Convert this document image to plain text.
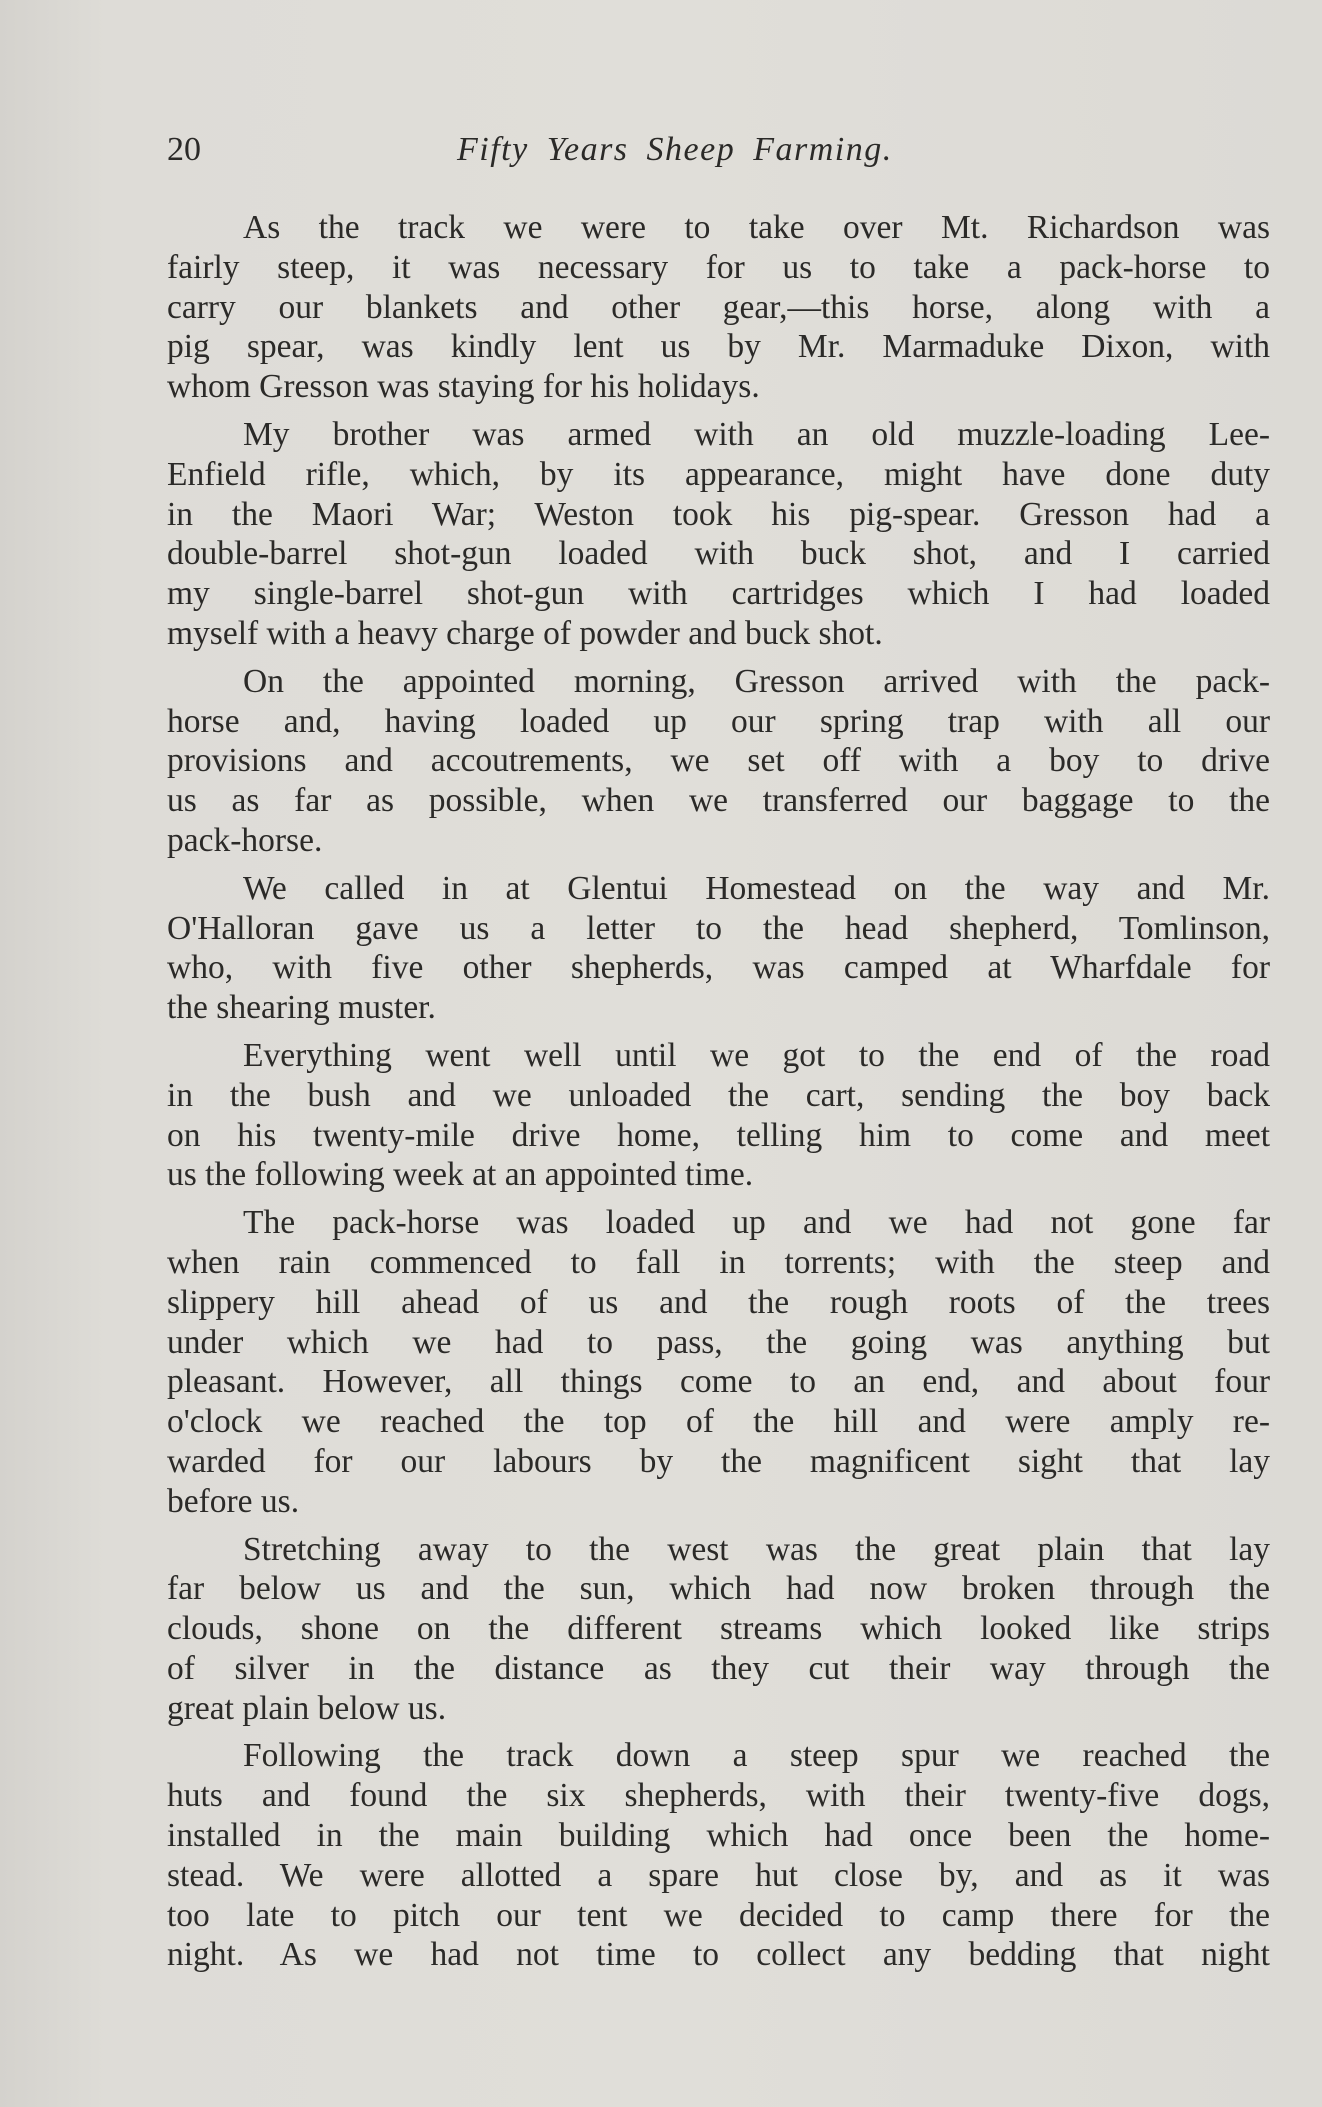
20	Fifty Years Sheep Farming.
As the track we were to take over Mt. Richardson was
fairly steep, it was necessary for us to take a pack-horse to
carry our blankets and other gear,—this horse, along with a
pig spear, was kindly lent us by Mr. Marmaduke Dixon, with
whom Gresson was staying for his holidays.
My brother was armed with an old muzzle-loading Lee-
Enfield rifle, which, by its appearance, might have done duty
in the Maori War; Weston took his pig-spear. Gresson had a
double-barrel shot-gun loaded with buck shot, and I carried
my single-barrel shot-gun with cartridges which I had loaded
myself with a heavy charge of powder and buck shot.
On the appointed morning, Gresson arrived with the pack-
horse and, having loaded up our spring trap with all our
provisions and accoutrements, we set off with a boy to drive
us as far as possible, when we transferred our baggage to the
pack-horse.
We called in at Glentui Homestead on the way and Mr.
O'Halloran gave us a letter to the head shepherd, Tomlinson,
who, with five other shepherds, was camped at Wharfdale for
the shearing muster.
Everything went well until we got to the end of the road
in the bush and we unloaded the cart, sending the boy back
on his twenty-mile drive home, telling him to come and meet
us the following week at an appointed time.
The pack-horse was loaded up and we had not gone far
when rain commenced to fall in torrents; with the steep and
slippery hill ahead of us and the rough roots of the trees
under which we had to pass, the going was anything but
pleasant. However, all things come to an end, and about four
o'clock we reached the top of the hill and were amply re-
warded for our labours by the magnificent sight that lay
before us.
Stretching away to the west was the great plain that lay
far below us and the sun, which had now broken through the
clouds, shone on the different streams which looked like strips
of silver in the distance as they cut their way through the
great plain below us.
Following the track down a steep spur we reached the
huts and found the six shepherds, with their twenty-five dogs,
installed in the main building which had once been the home-
stead. We were allotted a spare hut close by, and as it was
too late to pitch our tent we decided to camp there for the
night. As we had not time to collect any bedding that night
